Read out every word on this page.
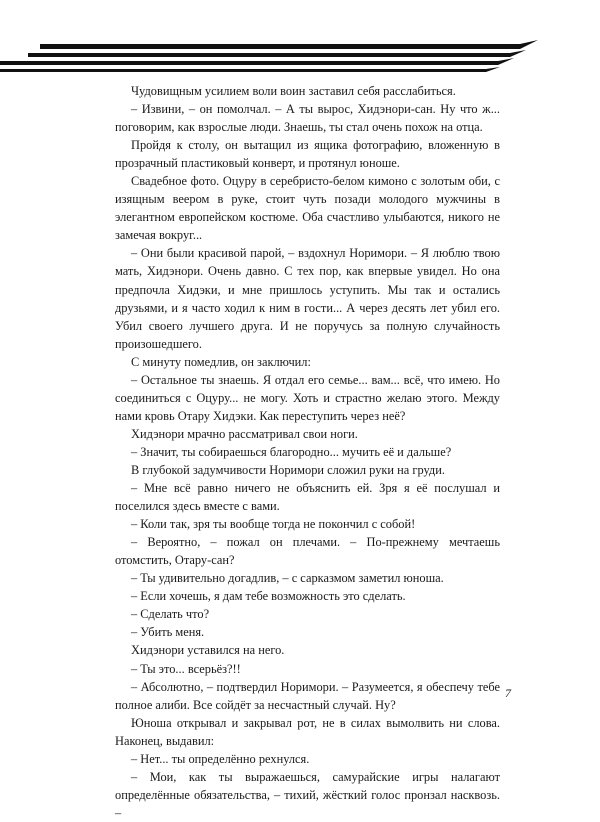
Чудовищным усилием воли воин заставил себя расслабиться.

– Извини, – он помолчал. – А ты вырос, Хидэнори-сан. Ну что ж... поговорим, как взрослые люди. Знаешь, ты стал очень похож на отца.

Пройдя к столу, он вытащил из ящика фотографию, вложенную в прозрачный пластиковый конверт, и протянул юноше.

Свадебное фото. Оцуру в серебристо-белом кимоно с золотым оби, с изящным веером в руке, стоит чуть позади молодого мужчины в элегантном европейском костюме. Оба счастливо улыбаются, никого не замечая вокруг...

– Они были красивой парой, – вздохнул Норимори. – Я люблю твою мать, Хидэнори. Очень давно. С тех пор, как впервые увидел. Но она предпочла Хидэки, и мне пришлось уступить. Мы так и остались друзьями, и я часто ходил к ним в гости... А через десять лет убил его. Убил своего лучшего друга. И не поручусь за полную случайность произошедшего.

С минуту помедлив, он заключил:

– Остальное ты знаешь. Я отдал его семье... вам... всё, что имею. Но соединиться с Оцуру... не могу. Хоть и страстно желаю этого. Между нами кровь Отару Хидэки. Как переступить через неё?

Хидэнори мрачно рассматривал свои ноги.

– Значит, ты собираешься благородно... мучить её и дальше?

В глубокой задумчивости Норимори сложил руки на груди.

– Мне всё равно ничего не объяснить ей. Зря я её послушал и поселился здесь вместе с вами.

– Коли так, зря ты вообще тогда не покончил с собой!

– Вероятно, – пожал он плечами. – По-прежнему мечтаешь отомстить, Отару-сан?

– Ты удивительно догадлив, – с сарказмом заметил юноша.

– Если хочешь, я дам тебе возможность это сделать.

– Сделать что?

– Убить меня.

Хидэнори уставился на него.

– Ты это... всерьёз?!!

– Абсолютно, – подтвердил Норимори. – Разумеется, я обеспечу тебе полное алиби. Все сойдёт за несчастный случай. Ну?

Юноша открывал и закрывал рот, не в силах вымолвить ни слова. Наконец, выдавил:

– Нет... ты определённо рехнулся.

– Мои, как ты выражаешься, самурайские игры налагают определённые обязательства, – тихий, жёсткий голос пронзал насквозь. –

7
